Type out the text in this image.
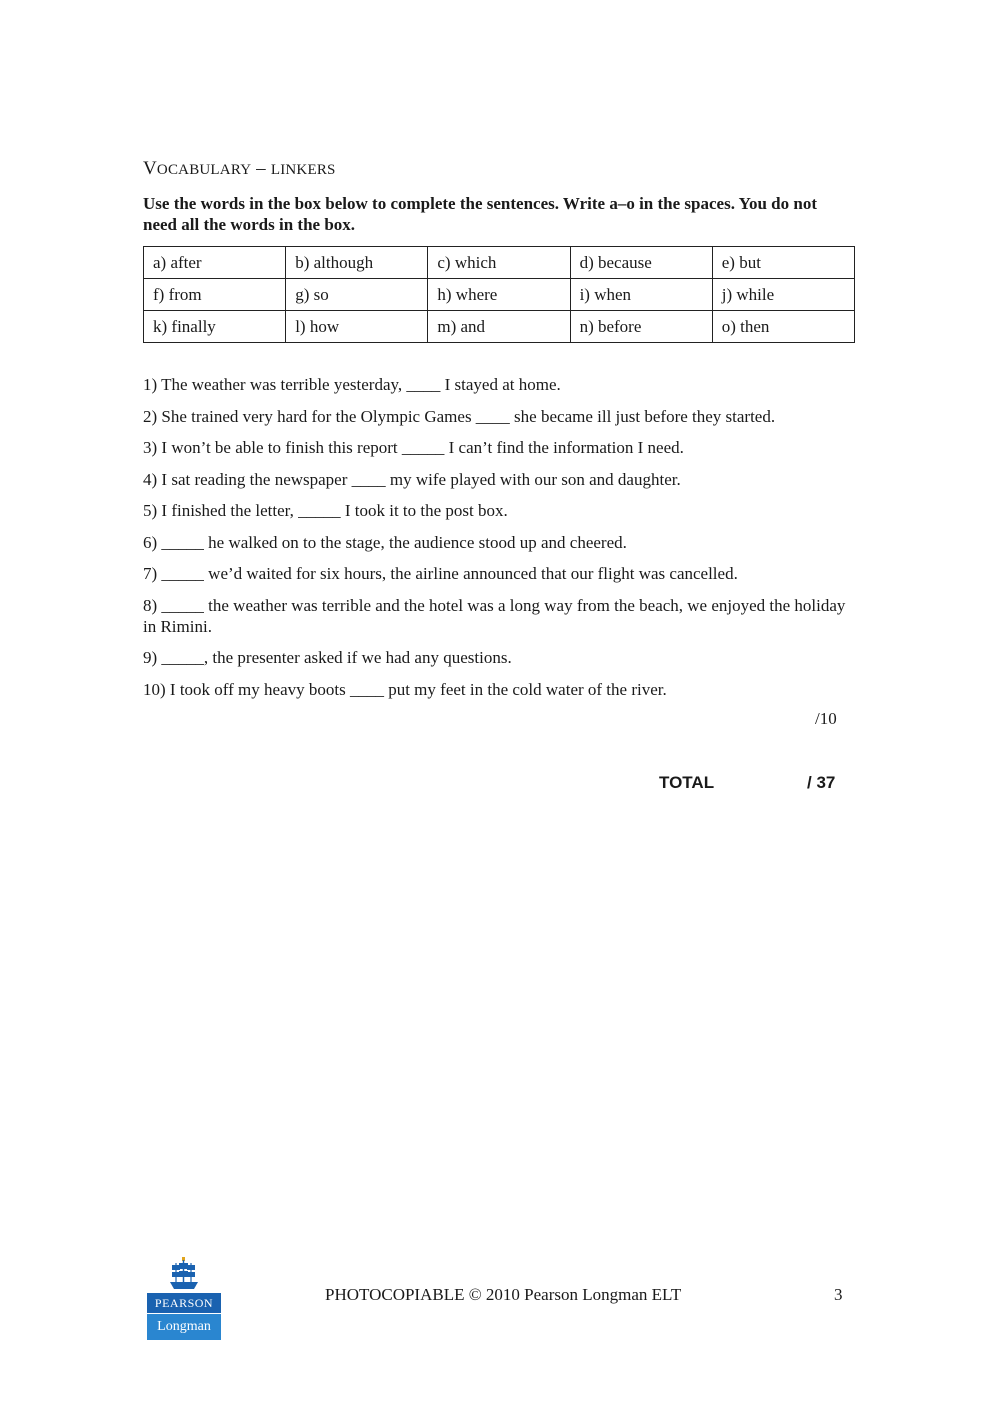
VOCABULARY – LINKERS
Use the words in the box below to complete the sentences. Write a–o in the spaces. You do not need all the words in the box.
a) after	b) although	c) which	d) because	e) but
f) from	g) so	h) where	i) when	j) while
k) finally	l) how	m) and	n) before	o) then
1) The weather was terrible yesterday, ____ I stayed at home.
2) She trained very hard for the Olympic Games ____ she became ill just before they started.
3) I won’t be able to finish this report _____ I can’t find the information I need.
4) I sat reading the newspaper ____ my wife played with our son and daughter.
5) I finished the letter, _____ I took it to the post box.
6) _____ he walked on to the stage, the audience stood up and cheered.
7) _____ we’d waited for six hours, the airline announced that our flight was cancelled.
8) _____ the weather was terrible and the hotel was a long way from the beach, we enjoyed the holiday in Rimini.
9) _____, the presenter asked if we had any questions.
10) I took off my heavy boots ____ put my feet in the cold water of the river.
/10
TOTAL	/ 37
PEARSON
Longman
PHOTOCOPIABLE © 2010 Pearson Longman ELT	3
